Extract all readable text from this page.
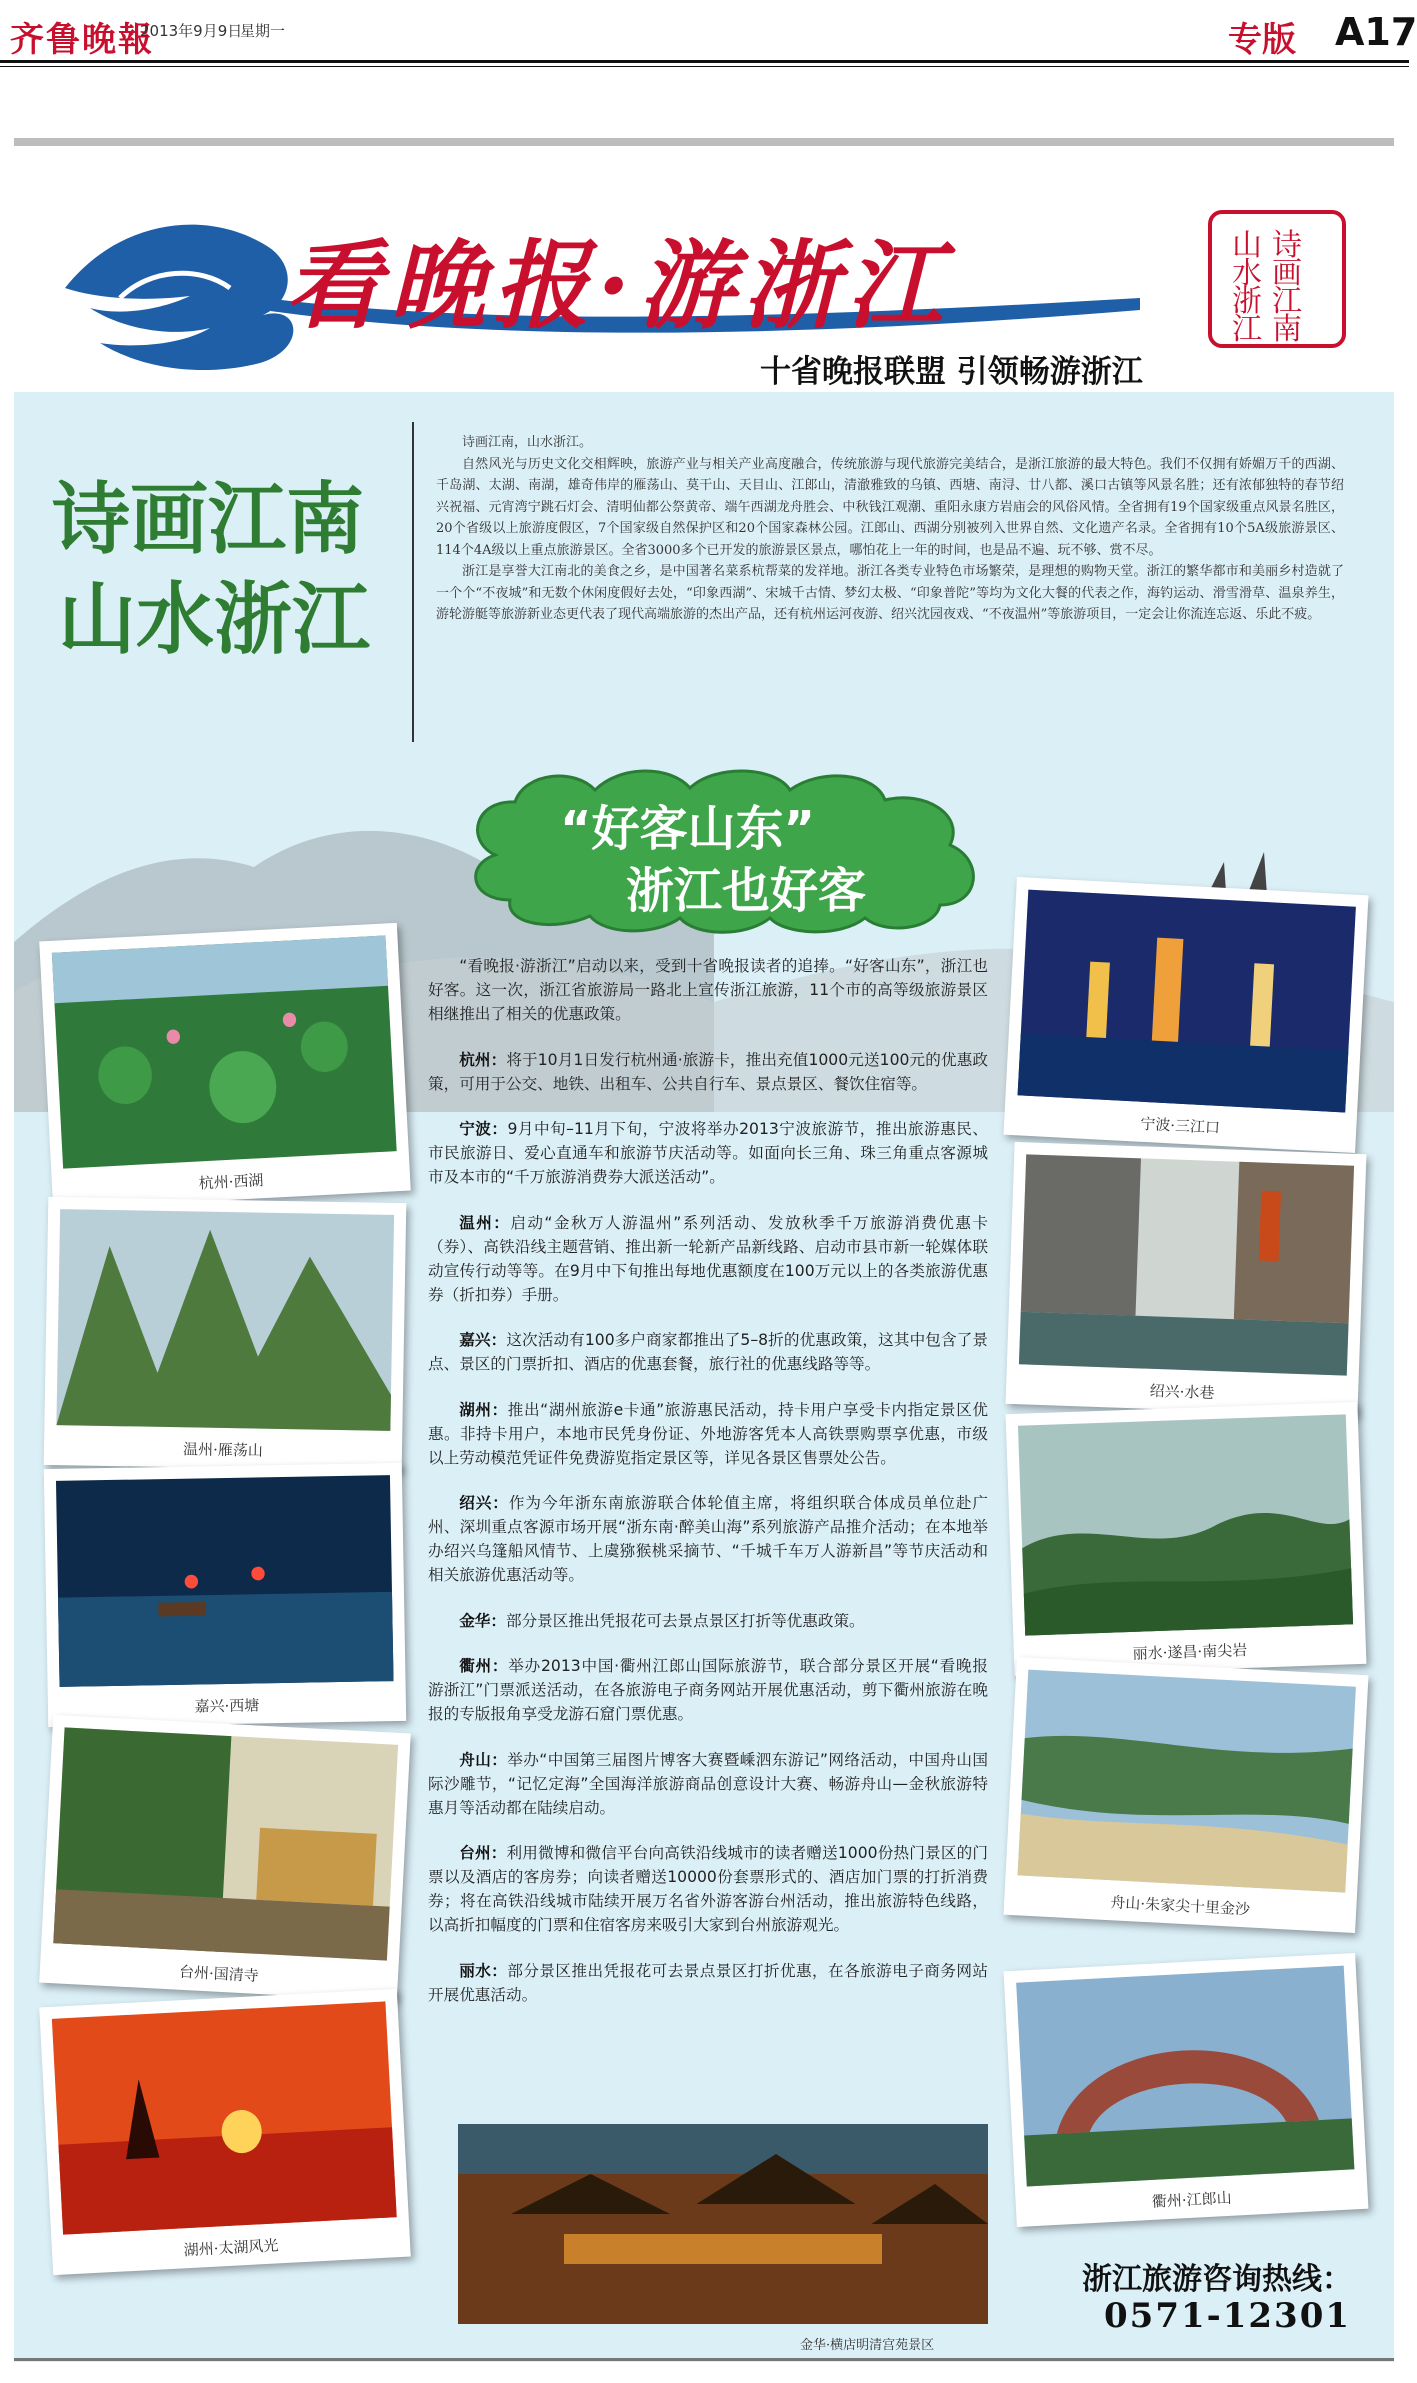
齐鲁晚報
2013年9月9日
星期一	专版 A17
看晚报·游浙江
十省晚报联盟 引领畅游浙江
诗
画
江
南
山
水
浙
江
诗画江南
山水浙江

诗画江南，山水浙江。

自然风光与历史文化交相辉映，旅游产业与相关产业高度融合，传统旅游与现代旅游完美结合，是浙江旅游的最大特色。我们不仅拥有娇媚万千的西湖、千岛湖、太湖、南湖，雄奇伟岸的雁荡山、莫干山、天目山、江郎山，清澈雅致的乌镇、西塘、南浔、廿八都、溪口古镇等风景名胜；还有浓郁独特的春节绍兴祝福、元宵湾宁跳石灯会、清明仙都公祭黄帝、端午西湖龙舟胜会、中秋钱江观潮、重阳永康方岩庙会的风俗风情。全省拥有19个国家级重点风景名胜区，20个省级以上旅游度假区，7个国家级自然保护区和20个国家森林公园。江郎山、西湖分别被列入世界自然、文化遗产名录。全省拥有10个5A级旅游景区、114个4A级以上重点旅游景区。全省3000多个已开发的旅游景区景点，哪怕花上一年的时间，也是品不遍、玩不够、赏不尽。

浙江是享誉大江南北的美食之乡，是中国著名菜系杭帮菜的发祥地。浙江各类专业特色市场繁荣，是理想的购物天堂。浙江的繁华都市和美丽乡村造就了一个个“不夜城”和无数个休闲度假好去处，“印象西湖”、宋城千古情、梦幻太极、“印象普陀”等均为文化大餐的代表之作，海钓运动、滑雪滑草、温泉养生，游轮游艇等旅游新业态更代表了现代高端旅游的杰出产品，还有杭州运河夜游、绍兴沈园夜戏、“不夜温州”等旅游项目，一定会让你流连忘返、乐此不疲。

“好客山东”
浙江也好客

“看晚报·游浙江”启动以来，受到十省晚报读者的追捧。“好客山东”，浙江也好客。这一次，浙江省旅游局一路北上宣传浙江旅游，11个市的高等级旅游景区相继推出了相关的优惠政策。

杭州：将于10月1日发行杭州通·旅游卡，推出充值1000元送100元的优惠政策，可用于公交、地铁、出租车、公共自行车、景点景区、餐饮住宿等。

宁波：9月中旬–11月下旬，宁波将举办2013宁波旅游节，推出旅游惠民、市民旅游日、爱心直通车和旅游节庆活动等。如面向长三角、珠三角重点客源城市及本市的“千万旅游消费券大派送活动”。

温州：启动“金秋万人游温州”系列活动、发放秋季千万旅游消费优惠卡（券）、高铁沿线主题营销、推出新一轮新产品新线路、启动市县市新一轮媒体联动宣传行动等等。在9月中下旬推出每地优惠额度在100万元以上的各类旅游优惠券（折扣券）手册。

嘉兴：这次活动有100多户商家都推出了5–8折的优惠政策，这其中包含了景点、景区的门票折扣、酒店的优惠套餐，旅行社的优惠线路等等。

湖州：推出“湖州旅游e卡通”旅游惠民活动，持卡用户享受卡内指定景区优惠。非持卡用户，本地市民凭身份证、外地游客凭本人高铁票购票享优惠，市级以上劳动模范凭证件免费游览指定景区等，详见各景区售票处公告。

绍兴：作为今年浙东南旅游联合体轮值主席，将组织联合体成员单位赴广州、深圳重点客源市场开展“浙东南·醉美山海”系列旅游产品推介活动；在本地举办绍兴乌篷船风情节、上虞猕猴桃采摘节、“千城千车万人游新昌”等节庆活动和相关旅游优惠活动等。

金华：部分景区推出凭报花可去景点景区打折等优惠政策。

衢州：举办2013中国·衢州江郎山国际旅游节，联合部分景区开展“看晚报　游浙江”门票派送活动，在各旅游电子商务网站开展优惠活动，剪下衢州旅游在晚报的专版报角享受龙游石窟门票优惠。

舟山：举办“中国第三届图片博客大赛暨嵊泗东游记”网络活动，中国舟山国际沙雕节，“记忆定海”全国海洋旅游商品创意设计大赛、畅游舟山—金秋旅游特惠月等活动都在陆续启动。

台州：利用微博和微信平台向高铁沿线城市的读者赠送1000份热门景区的门票以及酒店的客房券；向读者赠送10000份套票形式的、酒店加门票的打折消费券；将在高铁沿线城市陆续开展万名省外游客游台州活动，推出旅游特色线路，以高折扣幅度的门票和住宿客房来吸引大家到台州旅游观光。

丽水：部分景区推出凭报花可去景点景区打折优惠，在各旅游电子商务网站开展优惠活动。

杭州·西湖
温州·雁荡山
嘉兴·西塘
台州·国清寺
湖州·太湖风光
宁波·三江口
绍兴·水巷
丽水·遂昌·南尖岩
舟山·朱家尖十里金沙
衢州·江郎山
金华·横店明清宫苑景区
浙江旅游咨询热线：
0571-12301
